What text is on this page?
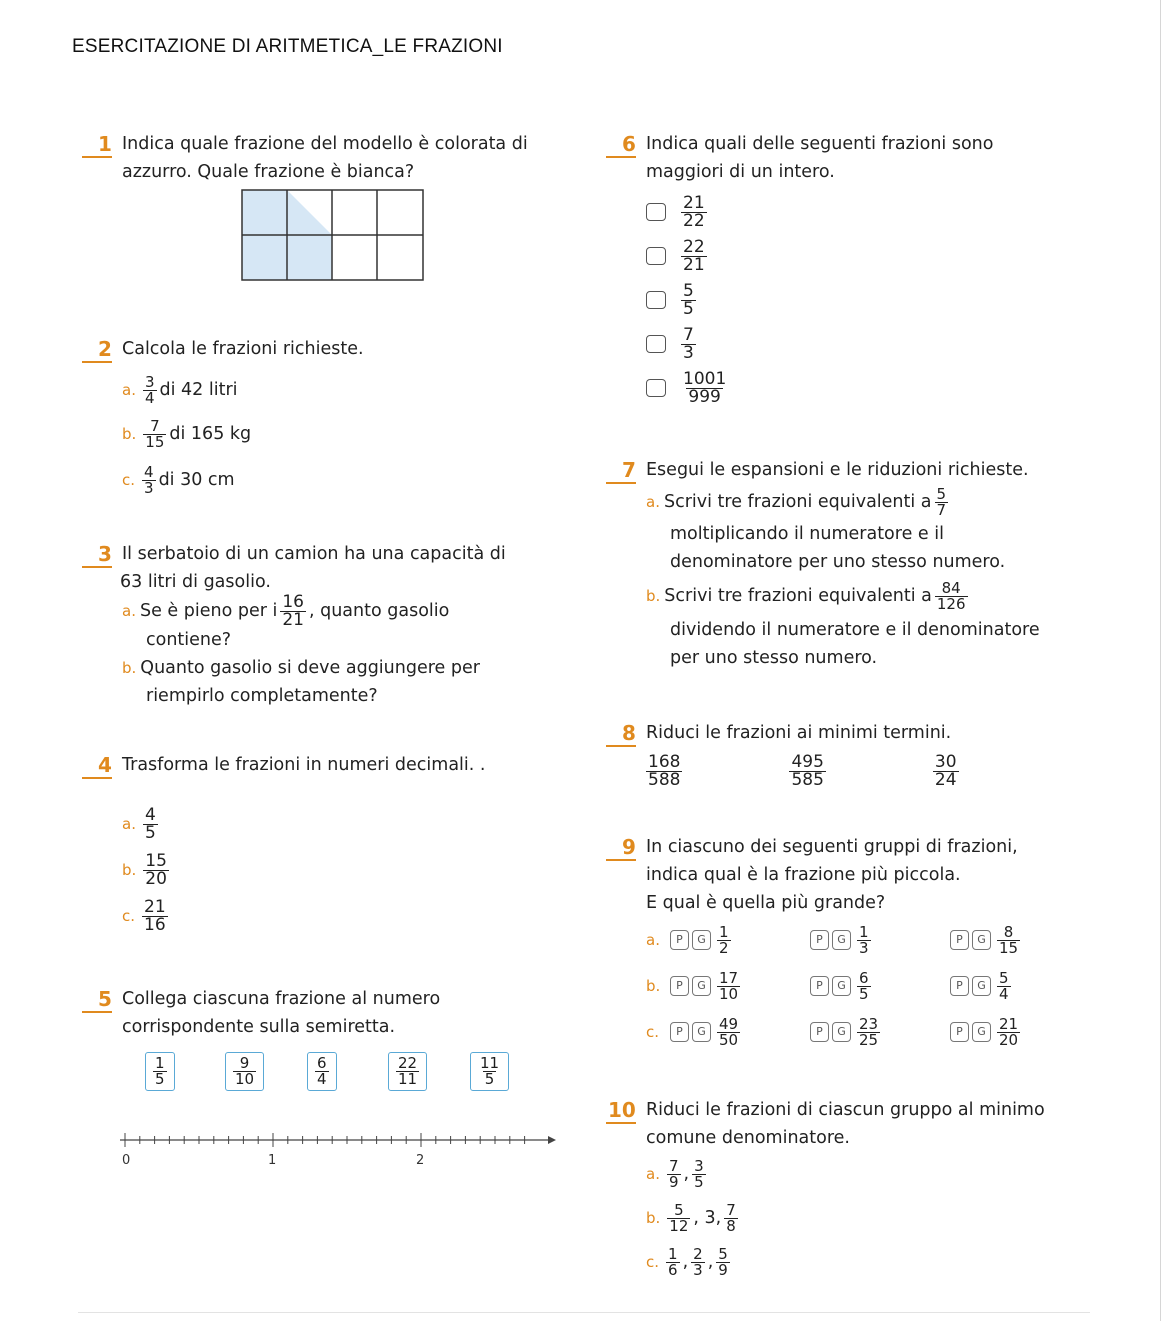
ESERCITAZIONE DI ARITMETICA_LE FRAZIONI
1 Indica quale frazione del modello è colorata di
azzurro. Quale frazione è bianca?
2 Calcola le frazioni richieste.
a. $\frac{3}{4}$ di 42 litri
b. $\frac{7}{15}$ di 165 kg
c. $\frac{4}{3}$ di 30 cm
3 Il serbatoio di un camion ha una capacità di
63 litri di gasolio.
a. Se è pieno per i $\frac{16}{21}$ , quanto gasolio
contiene?
b. Quanto gasolio si deve aggiungere per
riempirlo completamente?
4 Trasforma le frazioni in numeri decimali. .
a. $\frac{4}{5}$
b. $\frac{15}{20}$
c. $\frac{21}{16}$
5 Collega ciascuna frazione al numero
corrispondente sulla semiretta.
$\frac{1}{5}$	$\frac{9}{10}$	$\frac{6}{4}$	$\frac{22}{11}$	$\frac{11}{5}$
0	1	2
6 Indica quali delle seguenti frazioni sono
maggiori di un intero.
$\frac{21}{22}$
$\frac{22}{21}$
$\frac{5}{5}$
$\frac{7}{3}$
$\frac{1001}{999}$
7 Esegui le espansioni e le riduzioni richieste.
a. Scrivi tre frazioni equivalenti a $\frac{5}{7}$
moltiplicando il numeratore e il
denominatore per uno stesso numero.
b. Scrivi tre frazioni equivalenti a $\frac{84}{126}$
dividendo il numeratore e il denominatore
per uno stesso numero.
8 Riduci le frazioni ai minimi termini.
$\frac{168}{588}$	$\frac{495}{585}$	$\frac{30}{24}$
9 In ciascuno dei seguenti gruppi di frazioni,
indica qual è la frazione più piccola.
E qual è quella più grande?
a.	P	G $\frac{1}{2}$	P	G $\frac{1}{3}$	P	G $\frac{8}{15}$
b.	P	G $\frac{17}{10}$	P	G $\frac{6}{5}$	P	G $\frac{5}{4}$
c.	P	G $\frac{49}{50}$	P	G $\frac{23}{25}$	P	G $\frac{21}{20}$
10 Riduci le frazioni di ciascun gruppo al minimo
comune denominatore.
a. $\frac{7}{9}$ , $\frac{3}{5}$
b. $\frac{5}{12}$ , 3, $\frac{7}{8}$
c. $\frac{1}{6}$ , $\frac{2}{3}$ , $\frac{5}{9}$
